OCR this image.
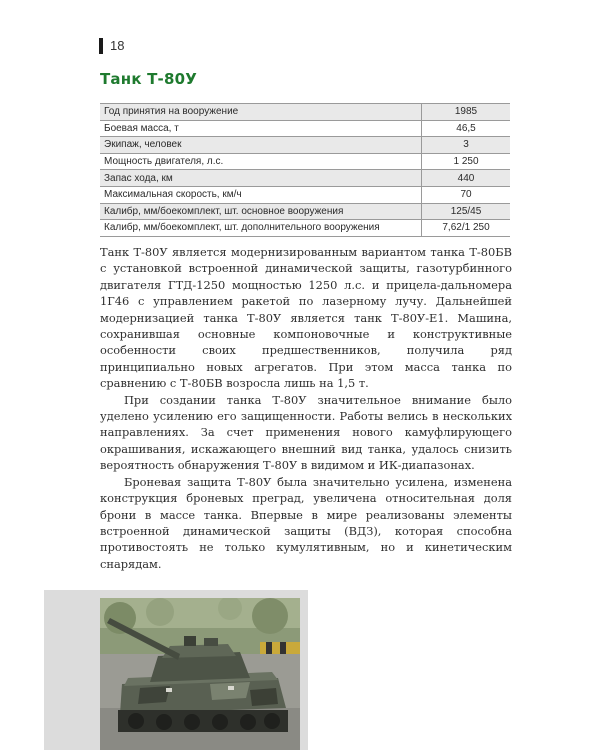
18
Танк Т-80У
Год принятия на вооружение	1985
Боевая масса, т	46,5
Экипаж, человек	3
Мощность двигателя, л.с.	1 250
Запас хода, км	440
Максимальная скорость, км/ч	70
Калибр, мм/боекомплект, шт. основное вооружения	125/45
Калибр, мм/боекомплект, шт. дополнительного вооружения	7,62/1 250

Танк Т-80У является модернизированным вариантом танка Т-80БВ с установкой встроенной динамической защиты, газотурбинного двигателя ГТД-1250 мощностью 1250 л.с. и прицела-дальномера 1Г46 с управлением ракетой по лазерному лучу. Дальнейшей модернизацией танка Т-80У является танк Т-80У-Е1. Машина, сохранившая основные компоновочные и конструктивные особенности своих предшественников, получила ряд принципиально новых агрегатов. При этом масса танка по сравнению с Т-80БВ возросла лишь на 1,5 т.

При создании танка Т-80У значительное внимание было уделено усилению его защищенности. Работы велись в нескольких направлениях. За счет применения нового камуфлирующего окрашивания, искажающего внешний вид танка, удалось снизить вероятность обнаружения Т-80У в видимом и ИК-диапазонах.

Броневая защита Т-80У была значительно усилена, изменена конструкция броневых преград, увеличена относительная доля брони в массе танка. Впервые в мире реализованы элементы встроенной динамической защиты (ВДЗ), которая способна противостоять не только кумулятивным, но и кинетическим снарядам.
